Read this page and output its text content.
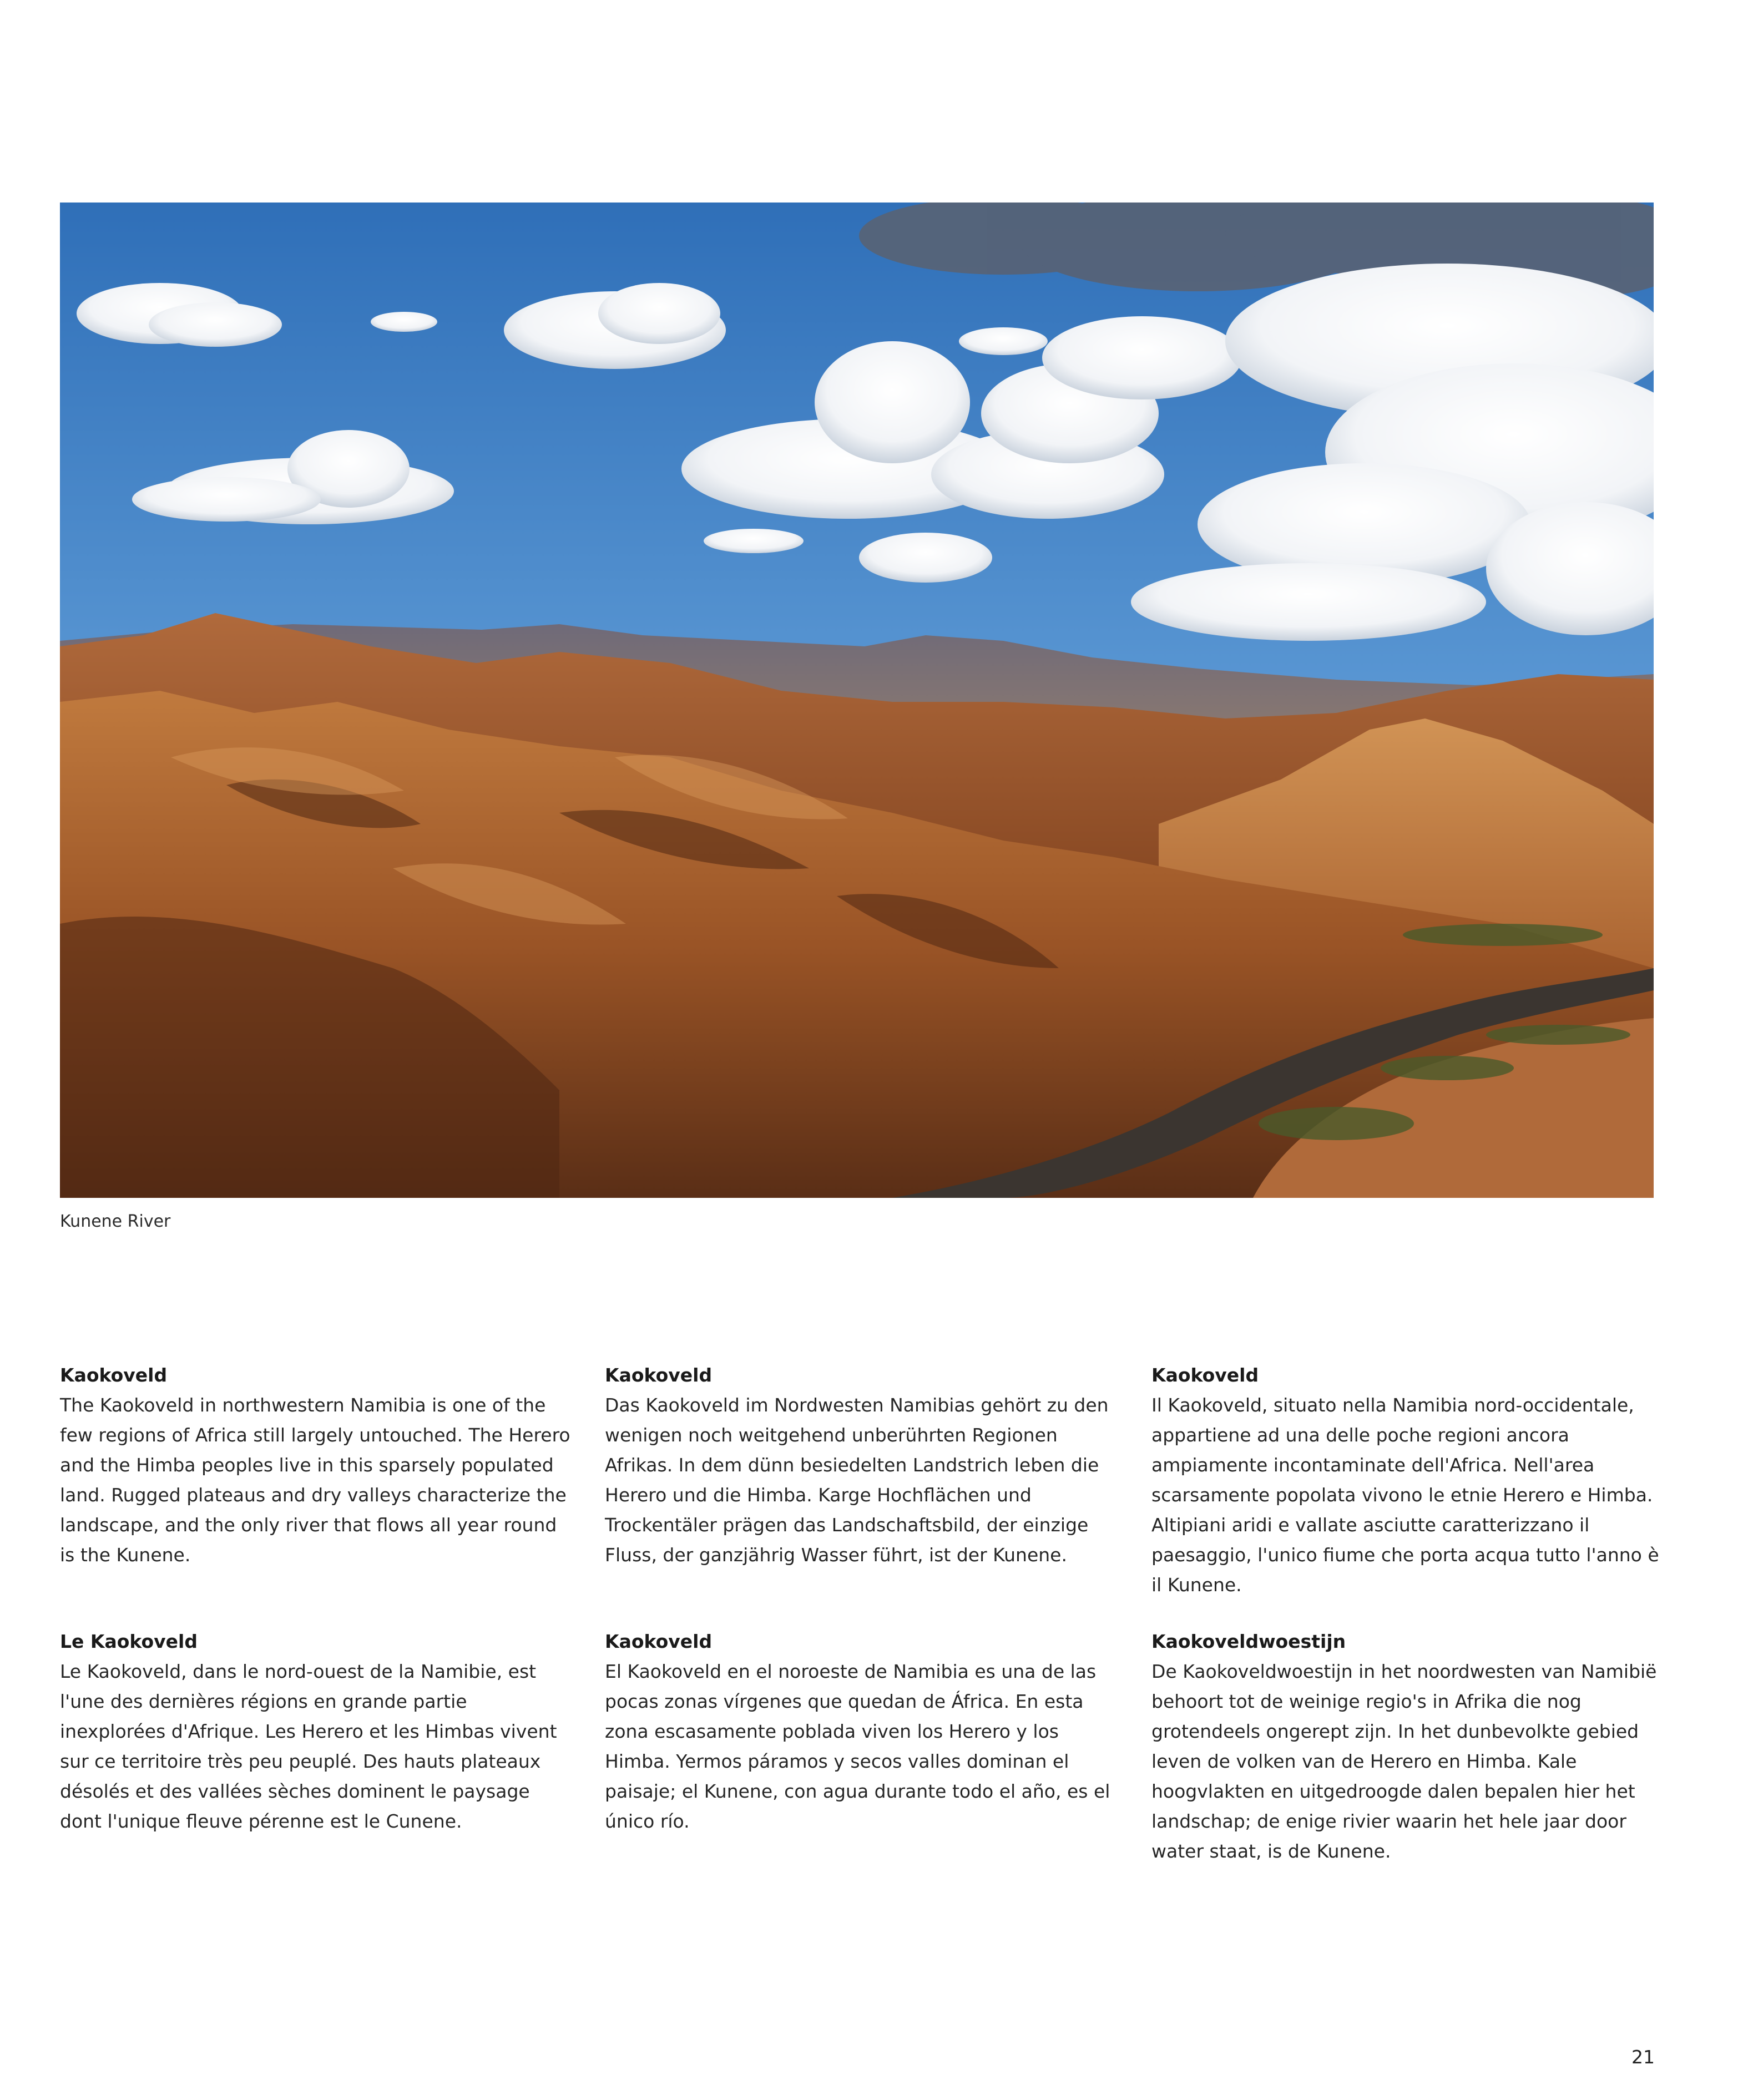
Kunene River
Kaokoveld

The Kaokoveld in northwestern Namibia is one of the few regions of Africa still largely untouched. The Herero and the Himba peoples live in this sparsely populated land. Rugged plateaus and dry valleys characterize the landscape, and the only river that flows all year round is the Kunene.

Kaokoveld

Das Kaokoveld im Nordwesten Namibias gehört zu den wenigen noch weitgehend unberührten Regionen Afrikas. In dem dünn besiedelten Landstrich leben die Herero und die Himba. Karge Hochflächen und Trockentäler prägen das Landschaftsbild, der einzige Fluss, der ganzjährig Wasser führt, ist der Kunene.

Kaokoveld

Il Kaokoveld, situato nella Namibia nord-occidentale, appartiene ad una delle poche regioni ancora ampiamente incontaminate dell'Africa. Nell'area scarsamente popolata vivono le etnie Herero e Himba. Altipiani aridi e vallate asciutte caratterizzano il paesaggio, l'unico fiume che porta acqua tutto l'anno è il Kunene.

Le Kaokoveld

Le Kaokoveld, dans le nord-ouest de la Namibie, est l'une des dernières régions en grande partie inexplorées d'Afrique. Les Herero et les Himbas vivent sur ce territoire très peu peuplé. Des hauts plateaux désolés et des vallées sèches dominent le paysage dont l'unique fleuve pérenne est le Cunene.

Kaokoveld

El Kaokoveld en el noroeste de Namibia es una de las pocas zonas vírgenes que quedan de África. En esta zona escasamente poblada viven los Herero y los Himba. Yermos páramos y secos valles dominan el paisaje; el Kunene, con agua durante todo el año, es el único río.

Kaokoveldwoestijn

De Kaokoveldwoestijn in het noordwesten van Namibië behoort tot de weinige regio's in Afrika die nog grotendeels ongerept zijn. In het dunbevolkte gebied leven de volken van de Herero en Himba. Kale hoogvlakten en uitgedroogde dalen bepalen hier het landschap; de enige rivier waarin het hele jaar door water staat, is de Kunene.

21
